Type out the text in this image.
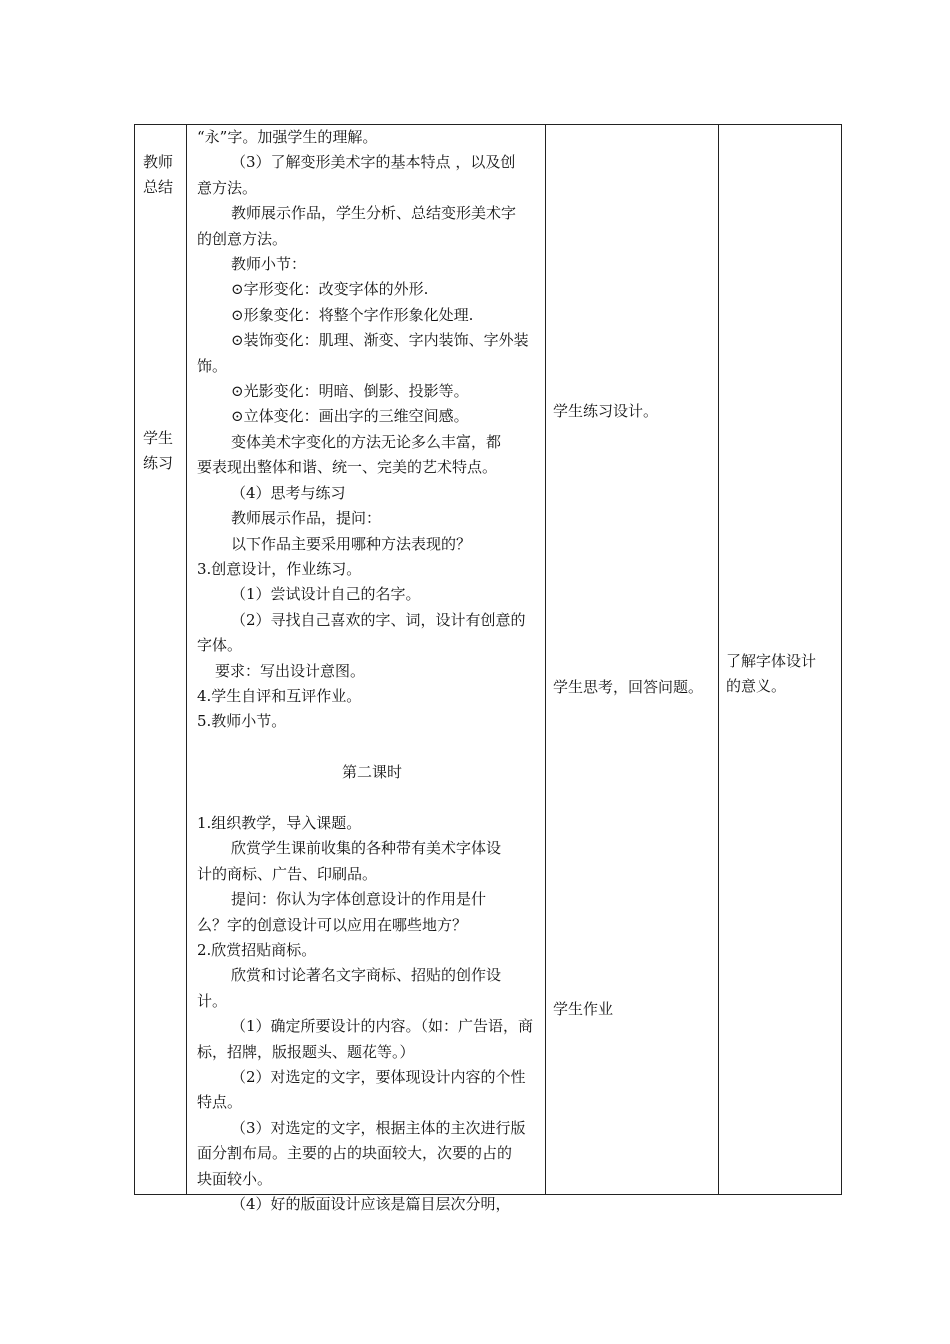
教师
总结
学生
练习
“永”字。加强学生的理解。
（3）了解变形美术字的基本特点 ，以及创
意方法。
教师展示作品，学生分析、总结变形美术字
的创意方法。
教师小节：
⊙字形变化：改变字体的外形.
⊙形象变化：将整个字作形象化处理.
⊙装饰变化：肌理、渐变、字内装饰、字外装
饰。
⊙光影变化：明暗、倒影、投影等。
⊙立体变化：画出字的三维空间感。
变体美术字变化的方法无论多么丰富，都
要表现出整体和谐、统一、完美的艺术特点。
（4）思考与练习
教师展示作品，提问：
以下作品主要采用哪种方法表现的？
3.创意设计，作业练习。
（1）尝试设计自己的名字。
（2）寻找自己喜欢的字、词，设计有创意的
字体。
要求：写出设计意图。
4.学生自评和互评作业。
5.教师小节。

第二课时

1.组织教学，导入课题。
欣赏学生课前收集的各种带有美术字体设
计的商标、广告、印刷品。
提问：你认为字体创意设计的作用是什
么？字的创意设计可以应用在哪些地方？
2.欣赏招贴商标。
欣赏和讨论著名文字商标、招贴的创作设
计。
（1）确定所要设计的内容。（如：广告语，商
标，招牌，版报题头、题花等。）
（2）对选定的文字，要体现设计内容的个性
特点。
（3）对选定的文字，根据主体的主次进行版
面分割布局。主要的占的块面较大，次要的占的
块面较小。
（4）好的版面设计应该是篇目层次分明，
学生练习设计。
学生思考，回答问题。
学生作业
了解字体设计
的意义。
